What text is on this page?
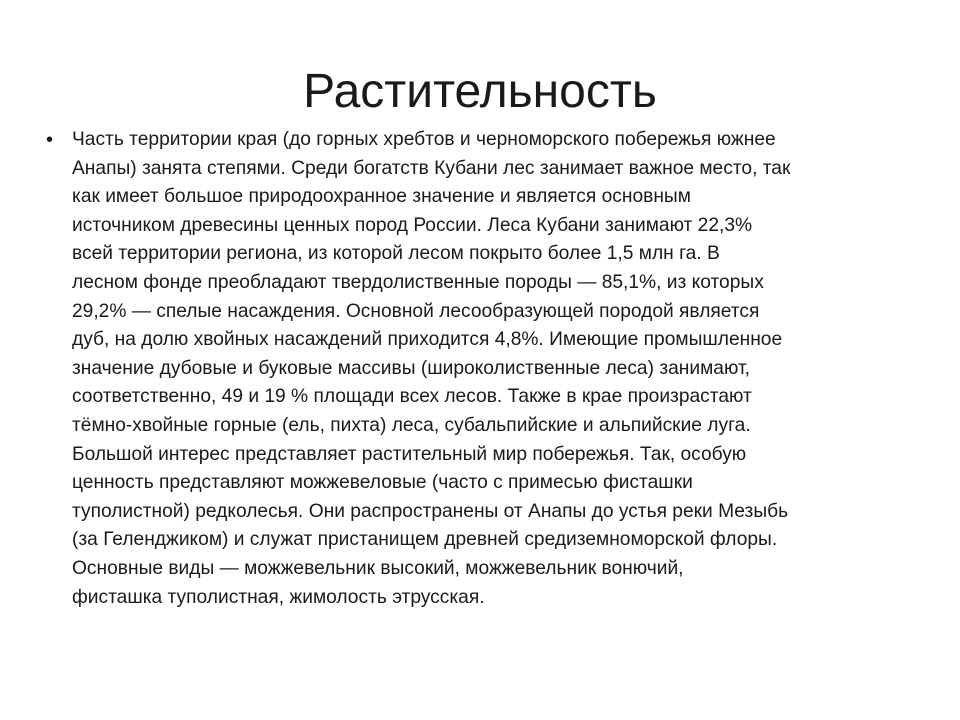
Растительность
• Часть территории края (до горных хребтов и черноморского побережья южнее
Анапы) занята степями. Среди богатств Кубани лес занимает важное место, так
как имеет большое природоохранное значение и является основным
источником древесины ценных пород России. Леса Кубани занимают 22,3%
всей территории региона, из которой лесом покрыто более 1,5 млн га. В
лесном фонде преобладают твердолиственные породы — 85,1%, из которых
29,2% — спелые насаждения. Основной лесообразующей породой является
дуб, на долю хвойных насаждений приходится 4,8%. Имеющие промышленное
значение дубовые и буковые массивы (широколиственные леса) занимают,
соответственно, 49 и 19 % площади всех лесов. Также в крае произрастают
тёмно-хвойные горные (ель, пихта) леса, субальпийские и альпийские луга.
Большой интерес представляет растительный мир побережья. Так, особую
ценность представляют можжевеловые (часто с примесью фисташки
туполистной) редколесья. Они распространены от Анапы до устья реки Мезыбь
(за Геленджиком) и служат пристанищем древней средиземноморской флоры.
Основные виды — можжевельник высокий, можжевельник вонючий,
фисташка туполистная, жимолость этрусская.
